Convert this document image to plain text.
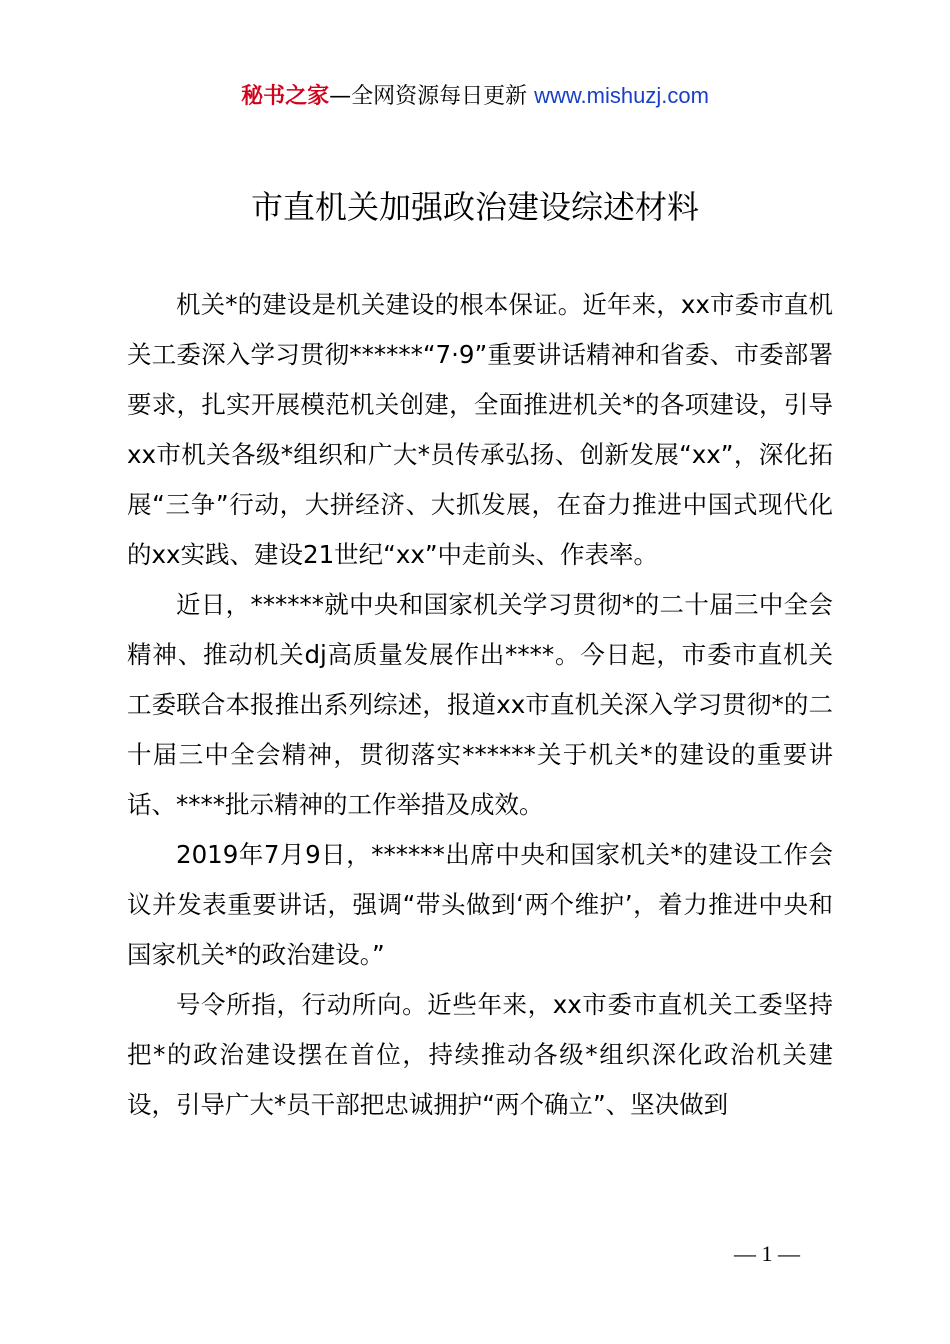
秘书之家—全网资源每日更新 www.mishuzj.com
市直机关加强政治建设综述材料

机关*的建设是机关建设的根本保证。近年来，xx市委市直机关工委深入学习贯彻******“7·9”重要讲话精神和省委、市委部署要求，扎实开展模范机关创建，全面推进机关*的各项建设，引导xx市机关各级*组织和广大*员传承弘扬、创新发展“xx”，深化拓展“三争”行动，大拼经济、大抓发展，在奋力推进中国式现代化的xx实践、建设21世纪“xx”中走前头、作表率。

近日，******就中央和国家机关学习贯彻*的二十届三中全会精神、推动机关dj高质量发展作出****。今日起，市委市直机关工委联合本报推出系列综述，报道xx市直机关深入学习贯彻*的二十届三中全会精神，贯彻落实******关于机关*的建设的重要讲话、****批示精神的工作举措及成效。

2019年7月9日，******出席中央和国家机关*的建设工作会议并发表重要讲话，强调“带头做到‘两个维护’，着力推进中央和国家机关*的政治建设。”

号令所指，行动所向。近些年来，xx市委市直机关工委坚持把*的政治建设摆在首位，持续推动各级*组织深化政治机关建设，引导广大*员干部把忠诚拥护“两个确立”、坚决做到

— 1 —
